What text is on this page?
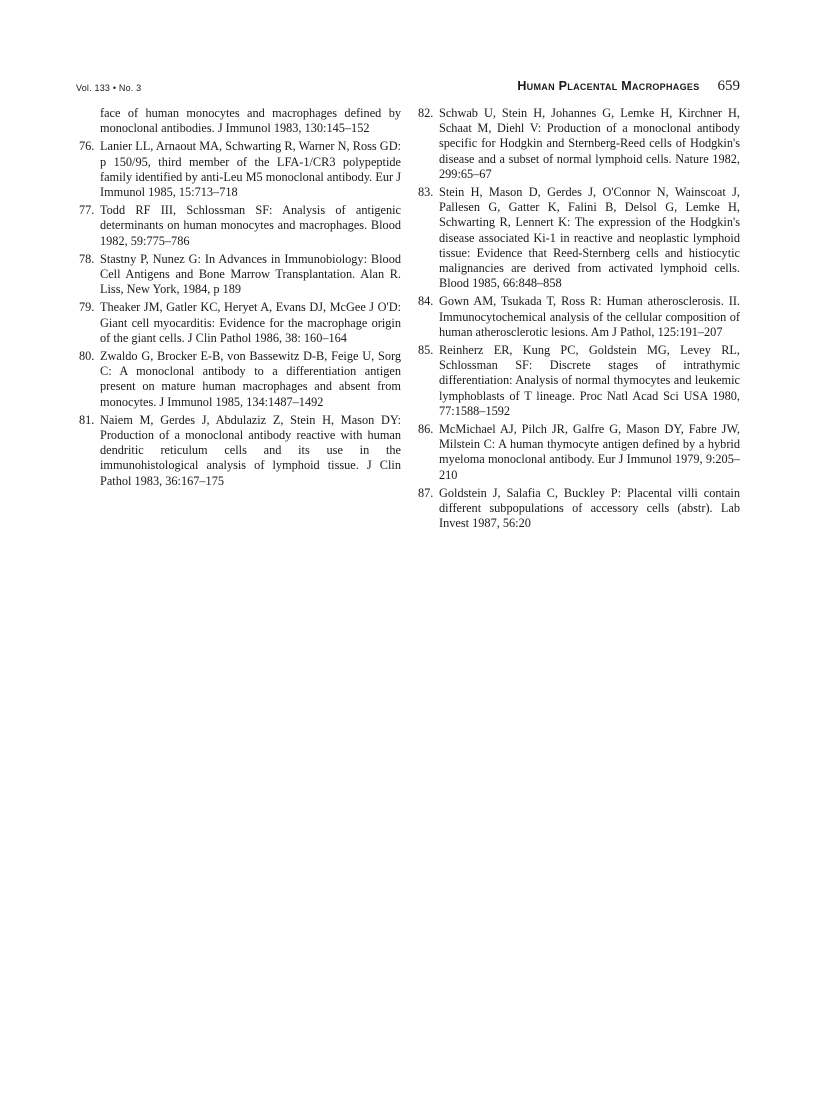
Vol. 133 • No. 3	Human Placental Macrophages 659
face of human monocytes and macrophages defined by monoclonal antibodies. J Immunol 1983, 130:145–152
76. Lanier LL, Arnaout MA, Schwarting R, Warner N, Ross GD: p 150/95, third member of the LFA-1/CR3 polypeptide family identified by anti-Leu M5 monoclonal antibody. Eur J Immunol 1985, 15:713–718
77. Todd RF III, Schlossman SF: Analysis of antigenic determinants on human monocytes and macrophages. Blood 1982, 59:775–786
78. Stastny P, Nunez G: In Advances in Immunobiology: Blood Cell Antigens and Bone Marrow Transplantation. Alan R. Liss, New York, 1984, p 189
79. Theaker JM, Gatler KC, Heryet A, Evans DJ, McGee J O'D: Giant cell myocarditis: Evidence for the macrophage origin of the giant cells. J Clin Pathol 1986, 38: 160–164
80. Zwaldo G, Brocker E-B, von Bassewitz D-B, Feige U, Sorg C: A monoclonal antibody to a differentiation antigen present on mature human macrophages and absent from monocytes. J Immunol 1985, 134:1487–1492
81. Naiem M, Gerdes J, Abdulaziz Z, Stein H, Mason DY: Production of a monoclonal antibody reactive with human dendritic reticulum cells and its use in the immunohistological analysis of lymphoid tissue. J Clin Pathol 1983, 36:167–175
82. Schwab U, Stein H, Johannes G, Lemke H, Kirchner H, Schaat M, Diehl V: Production of a monoclonal antibody specific for Hodgkin and Sternberg-Reed cells of Hodgkin's disease and a subset of normal lymphoid cells. Nature 1982, 299:65–67
83. Stein H, Mason D, Gerdes J, O'Connor N, Wainscoat J, Pallesen G, Gatter K, Falini B, Delsol G, Lemke H, Schwarting R, Lennert K: The expression of the Hodgkin's disease associated Ki-1 in reactive and neoplastic lymphoid tissue: Evidence that Reed-Sternberg cells and histiocytic malignancies are derived from activated lymphoid cells. Blood 1985, 66:848–858
84. Gown AM, Tsukada T, Ross R: Human atherosclerosis. II. Immunocytochemical analysis of the cellular composition of human atherosclerotic lesions. Am J Pathol, 125:191–207
85. Reinherz ER, Kung PC, Goldstein MG, Levey RL, Schlossman SF: Discrete stages of intrathymic differentiation: Analysis of normal thymocytes and leukemic lymphoblasts of T lineage. Proc Natl Acad Sci USA 1980, 77:1588–1592
86. McMichael AJ, Pilch JR, Galfre G, Mason DY, Fabre JW, Milstein C: A human thymocyte antigen defined by a hybrid myeloma monoclonal antibody. Eur J Immunol 1979, 9:205–210
87. Goldstein J, Salafia C, Buckley P: Placental villi contain different subpopulations of accessory cells (abstr). Lab Invest 1987, 56:20
